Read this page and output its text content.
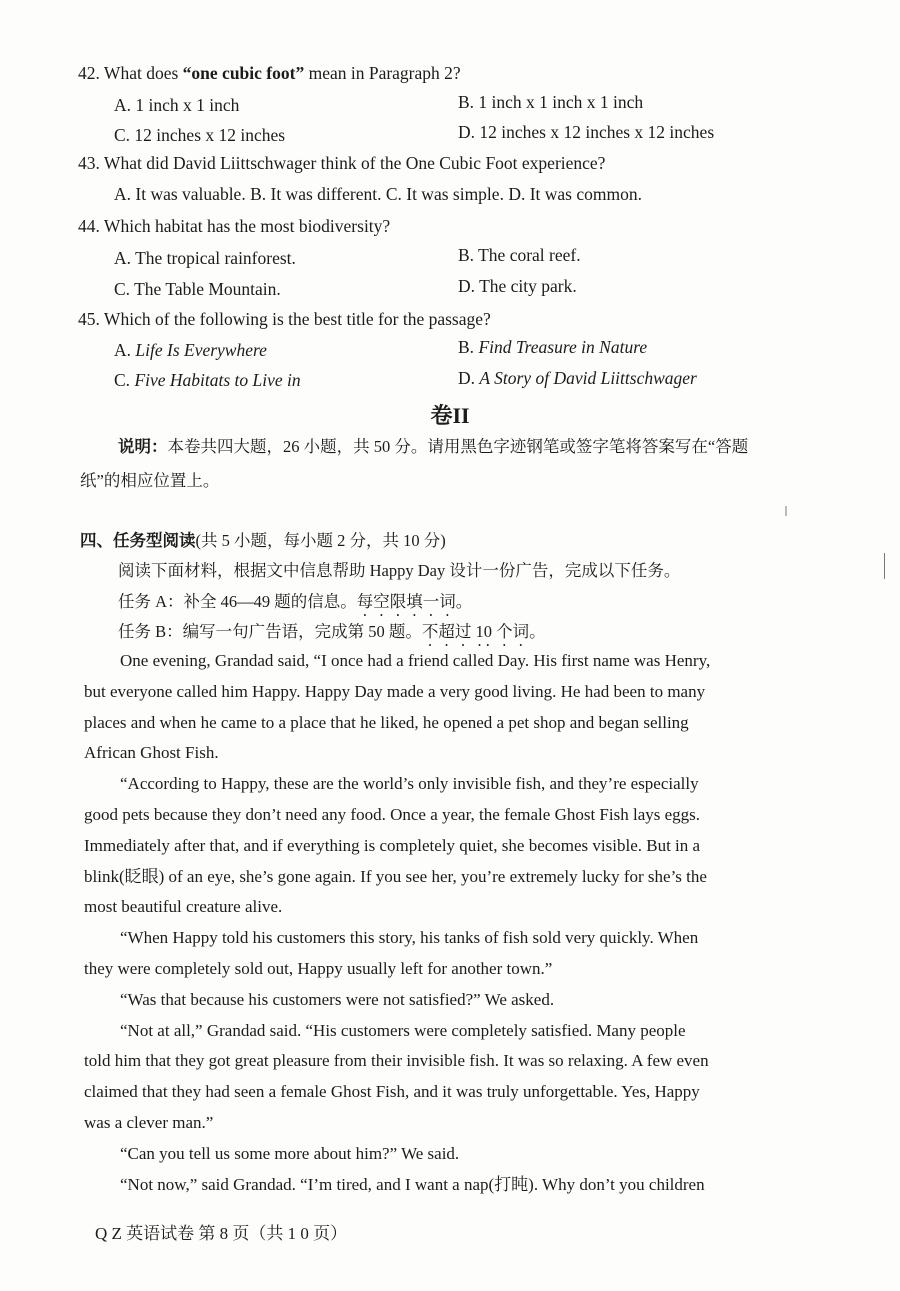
42. What does “one cubic foot” mean in Paragraph 2?
A. 1 inch x 1 inch	B. 1 inch x 1 inch x 1 inch
C. 12 inches x 12 inches	D. 12 inches x 12 inches x 12 inches
43. What did David Liittschwager think of the One Cubic Foot experience?
A. It was valuable. B. It was different. C. It was simple. D. It was common.
44. Which habitat has the most biodiversity?
A. The tropical rainforest.	B. The coral reef.
C. The Table Mountain.	D. The city park.
45. Which of the following is the best title for the passage?
A. Life Is Everywhere	B. Find Treasure in Nature
C. Five Habitats to Live in	D. A Story of David Liittschwager
卷II
说明：本卷共四大题，26 小题，共 50 分。请用黑色字迹钢笔或签字笔将答案写在“答题
纸”的相应位置上。
四、任务型阅读(共 5 小题，每小题 2 分，共 10 分)
阅读下面材料，根据文中信息帮助 Happy Day 设计一份广告，完成以下任务。
任务 A：补全 46—49 题的信息。每空限填一词。
任务 B：编写一句广告语，完成第 50 题。不超过 10 个词。
One evening, Grandad said, “I once had a friend called Day. His first name was Henry,
but everyone called him Happy. Happy Day made a very good living. He had been to many
places and when he came to a place that he liked, he opened a pet shop and began selling
African Ghost Fish.
“According to Happy, these are the world’s only invisible fish, and they’re especially
good pets because they don’t need any food. Once a year, the female Ghost Fish lays eggs.
Immediately after that, and if everything is completely quiet, she becomes visible. But in a
blink(眨眼) of an eye, she’s gone again. If you see her, you’re extremely lucky for she’s the
most beautiful creature alive.
“When Happy told his customers this story, his tanks of fish sold very quickly. When
they were completely sold out, Happy usually left for another town.”
“Was that because his customers were not satisfied?” We asked.
“Not at all,” Grandad said. “His customers were completely satisfied. Many people
told him that they got great pleasure from their invisible fish. It was so relaxing. A few even
claimed that they had seen a female Ghost Fish, and it was truly unforgettable. Yes, Happy
was a clever man.”
“Can you tell us some more about him?” We said.
“Not now,” said Grandad. “I’m tired, and I want a nap(打盹). Why don’t you children
Q Z 英语试卷 第 8 页（共 1 0 页）
